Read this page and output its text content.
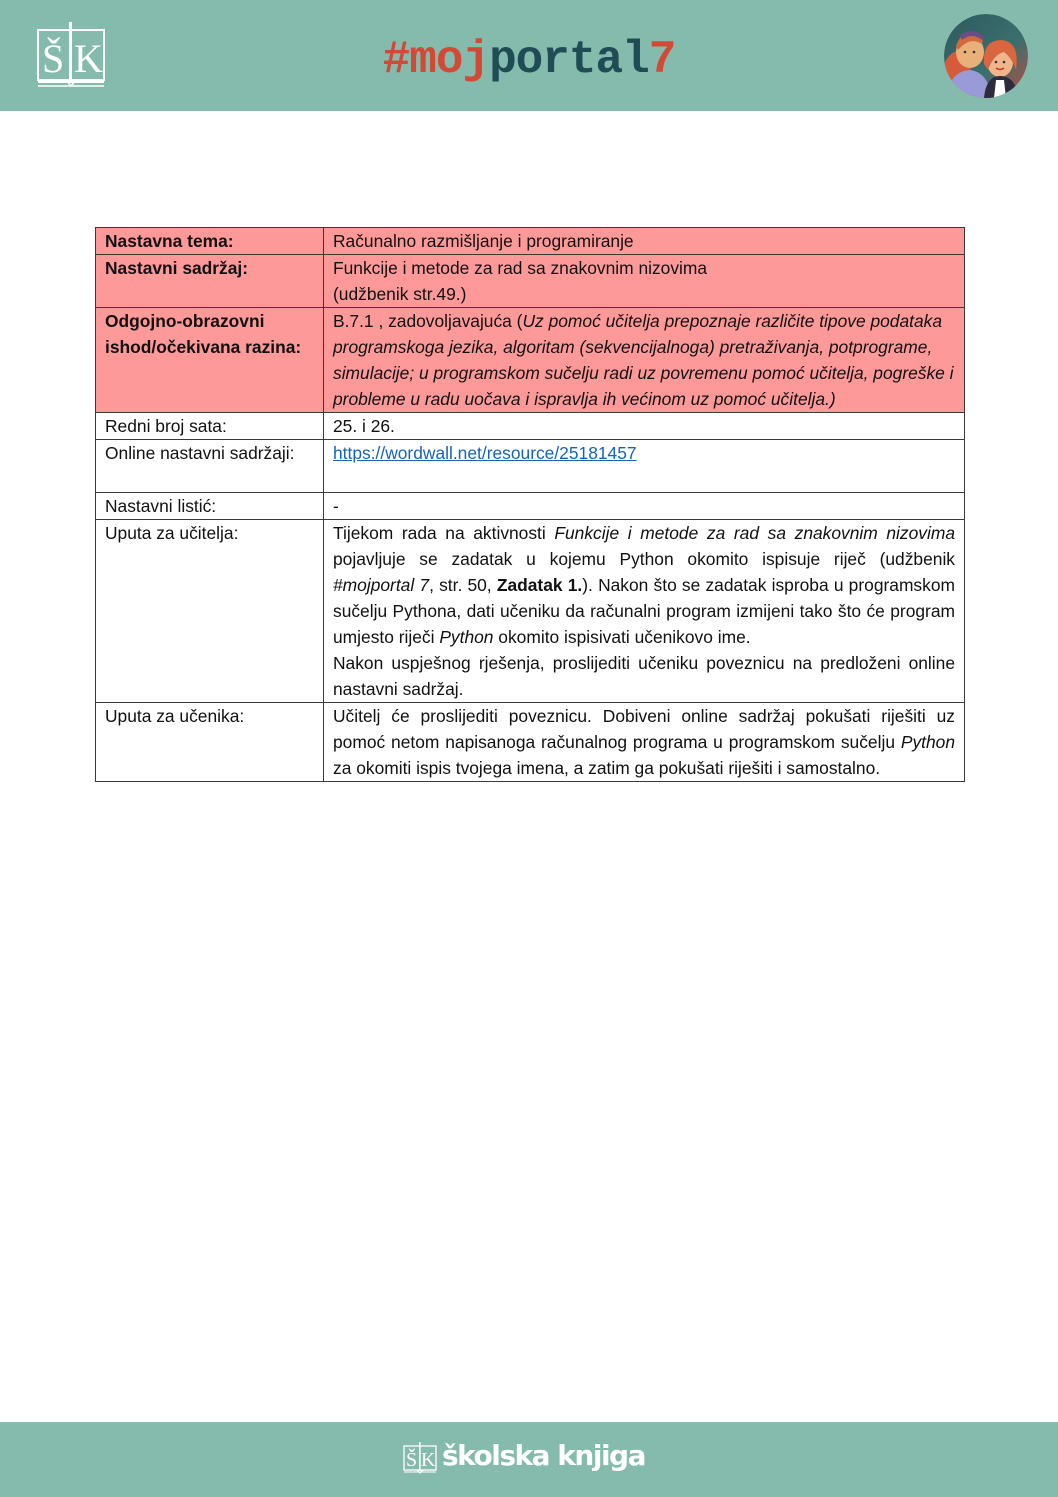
Š K	#mojportal7
Nastavna tema:	Računalno razmišljanje i programiranje
Nastavni sadržaj:	Funkcije i metode za rad sa znakovnim nizovima
(udžbenik str.49.)

Odgojno-obrazovni ishod/očekivana razina:	B.7.1 , zadovoljavajuća (Uz pomoć učitelja prepoznaje različite tipove podataka programskoga jezika, algoritam (sekvencijalnoga) pretraživanja, potprograme, simulacije; u programskom sučelju radi uz povremenu pomoć učitelja, pogreške i probleme u radu uočava i ispravlja ih većinom uz pomoć učitelja.)
Redni broj sata:	25. i 26.
Online nastavni sadržaji:	https://wordwall.net/resource/25181457
Nastavni listić:	-
Uputa za učitelja:	Tijekom rada na aktivnosti Funkcije i metode za rad sa znakovnim nizovima pojavljuje se zadatak u kojemu Python okomito ispisuje riječ (udžbenik #mojportal 7, str. 50, Zadatak 1.). Nakon što se zadatak isproba u programskom sučelju Pythona, dati učeniku da računalni program izmijeni tako što će program umjesto riječi Python okomito ispisivati učenikovo ime.
Nakon uspješnog rješenja, proslijediti učeniku poveznicu na predloženi online nastavni sadržaj.

Uputa za učenika:	Učitelj će proslijediti poveznicu. Dobiveni online sadržaj pokušati riješiti uz pomoć netom napisanoga računalnog programa u programskom sučelju Python za okomiti ispis tvojega imena, a zatim ga pokušati riješiti i samostalno.
Š K školska knjiga
